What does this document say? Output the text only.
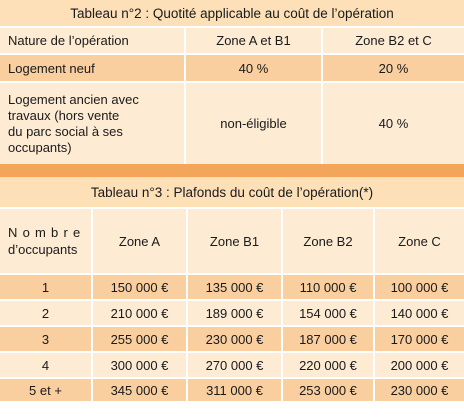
Tableau n°2 : Quotité applicable au coût de l’opération		
Nature de l’opération	Zone A et B1	Zone B2 et C
Logement neuf	40 %	20 %

Logement ancien avec
travaux (hors vente
du parc social à ses
occupants)	non-éligible	40 %
Tableau n°3 : Plafonds du coût de l’opération(*)				

Nombre
d’occupants	Zone A	Zone B1	Zone B2	Zone C
1	150 000 €	135 000 €	110 000 €	100 000 €
2	210 000 €	189 000 €	154 000 €	140 000 €
3	255 000 €	230 000 €	187 000 €	170 000 €
4	300 000 €	270 000 €	220 000 €	200 000 €
5 et +	345 000 €	311 000 €	253 000 €	230 000 €
